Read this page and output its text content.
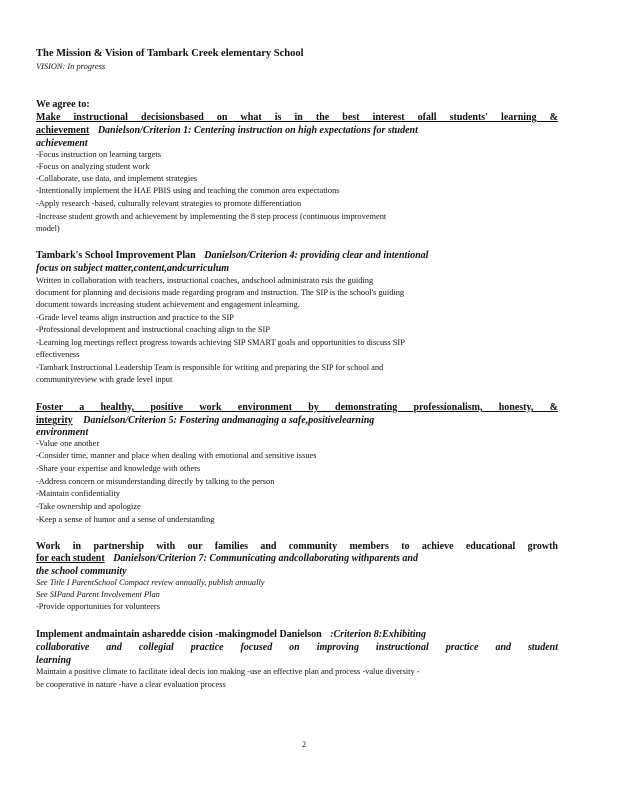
The Mission & Vision of Tambark Creek elementary School
VISION: In progress
We agree to:
Make instructional decisionsbased on what is in the best interest ofall students' learning &
achievement Danielson/Criterion 1: Centering instruction on high expectations for student
achievement
-Focus instruction on learning targets
-Focus on analyzing student work
-Collaborate, use data, and implement strategies
-Intentionally implement the HAE PBIS using and teaching the common area expectations
-Apply research -based, culturally relevant strategies to promote differentiation
-Increase student growth and achievement by implementing the 8 step process (continuous improvement
model)
Tambark's School Improvement Plan Danielson/Criterion 4: providing clear and intentional
focus on subject matter,content,andcurriculum
Written in collaboration with teachers, instructional coaches, andschool administrato rsis the guiding
document for planning and decisions made regarding program and instruction. The SIP is the school's guiding
document towards increasing student achievement and engagement inlearning.
-Grade level teams align instruction and practice to the SIP
-Professional development and instructional coaching align to the SIP
-Learning log meetings reflect progress towards achieving SIP SMART goals and opportunities to discuss SIP
effectiveness
-Tambark Instructional Leadership Team is responsible for writing and preparing the SIP for school and
communityreview with grade level input
Foster a healthy, positive work environment by demonstrating professionalism, honesty, &
integrity Danielson/Criterion 5: Fostering andmanaging a safe,positivelearning
environment
-Value one another
-Consider time, manner and place when dealing with emotional and sensitive issues
-Share your expertise and knowledge with others
-Address concern or misunderstanding directly by talking to the person
-Maintain confidentiality
-Take ownership and apologize
-Keep a sense of humor and a sense of understanding
Work in partnership with our families and community members to achieve educational growth
for each student Danielson/Criterion 7: Communicating andcollaborating withparents and
the school community
See Title I ParentSchool Compact review annually, publish annually
See SIPand Parent Involvement Plan
-Provide opportunities for volunteers
Implement andmaintain asharedde cision -makingmodel Danielson :Criterion 8:Exhibiting
collaborative and collegial practice focused on improving instructional practice and student
learning
Maintain a positive climate to facilitate ideal decis ion making -use an effective plan and process -value diversity -
be cooperative in nature -have a clear evaluation process
2
